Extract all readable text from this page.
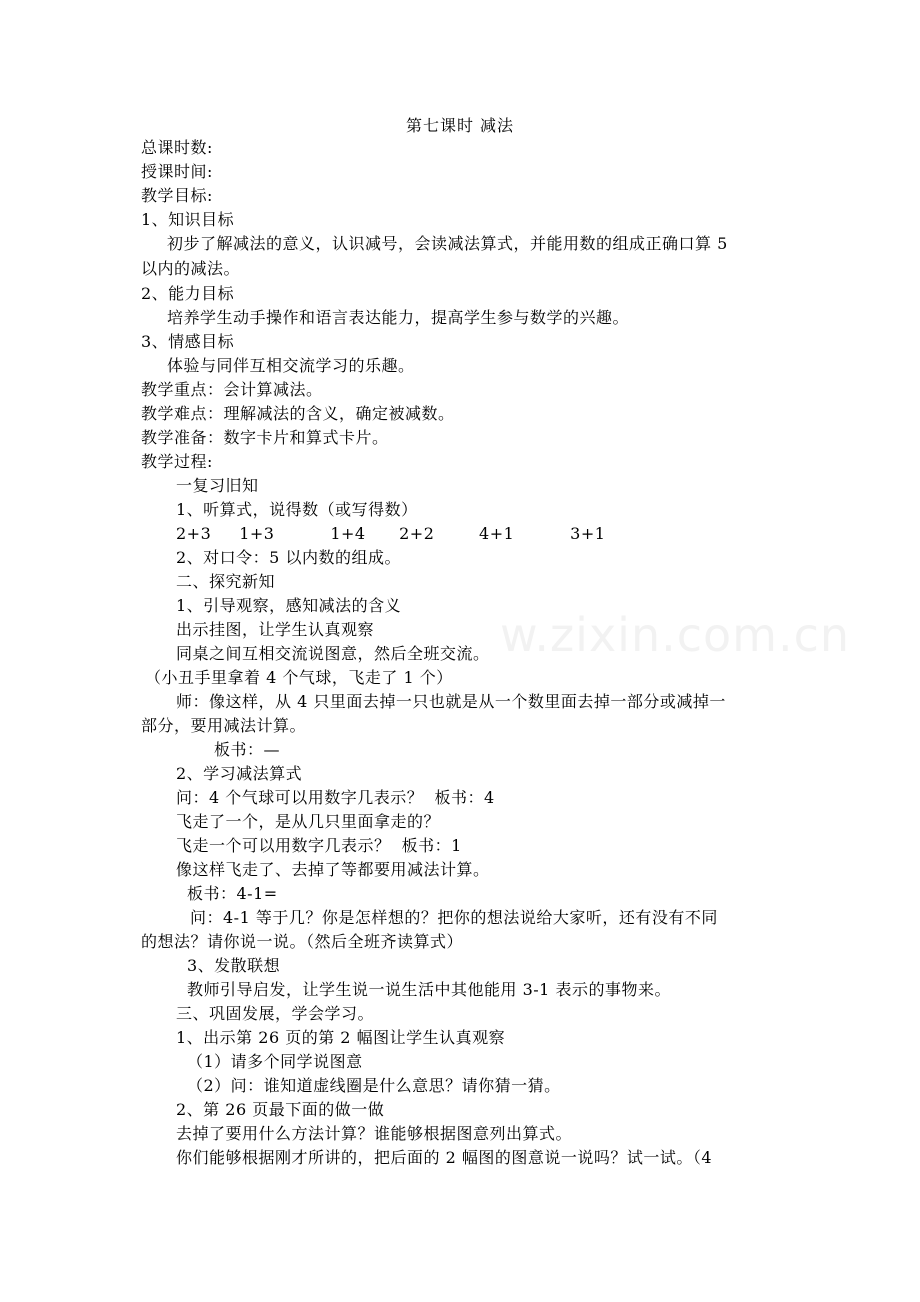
第七课时 减法
总课时数:
授课时间:
教学目标:
1、知识目标
初步了解减法的意义，认识减号，会读减法算式，并能用数的组成正确口算 5
以内的减法。
2、能力目标
培养学生动手操作和语言表达能力，提高学生参与数学的兴趣。
3、情感目标
体验与同伴互相交流学习的乐趣。
教学重点：会计算减法。
教学难点：理解减法的含义，确定被减数。
教学准备：数字卡片和算式卡片。
教学过程:
一复习旧知
1、听算式，说得数（或写得数）
2+3     1+3          1+4      2+2        4+1          3+1
2、对口令：5 以内数的组成。
二、探究新知
1、引导观察，感知减法的含义
出示挂图，让学生认真观察
同桌之间互相交流说图意，然后全班交流。
（小丑手里拿着 4 个气球，飞走了 1 个）
师：像这样，从 4 只里面去掉一只也就是从一个数里面去掉一部分或减掉一
部分，要用减法计算。
板书：—
2、学习减法算式
问：4 个气球可以用数字几表示？  板书：4
飞走了一个，是从几只里面拿走的？
飞走一个可以用数字几表示？  板书：1
像这样飞走了、去掉了等都要用减法计算。
板书：4-1=
问：4-1 等于几？你是怎样想的？把你的想法说给大家听，还有没有不同
的想法？请你说一说。（然后全班齐读算式）
3、发散联想
教师引导启发，让学生说一说生活中其他能用 3-1 表示的事物来。
三、巩固发展，学会学习。
1、出示第 26 页的第 2 幅图让学生认真观察
（1）请多个同学说图意
（2）问：谁知道虚线圈是什么意思？请你猜一猜。
2、第 26 页最下面的做一做
去掉了要用什么方法计算？谁能够根据图意列出算式。
你们能够根据刚才所讲的，把后面的 2 幅图的图意说一说吗？试一试。（4
w.zixin.com.cn
